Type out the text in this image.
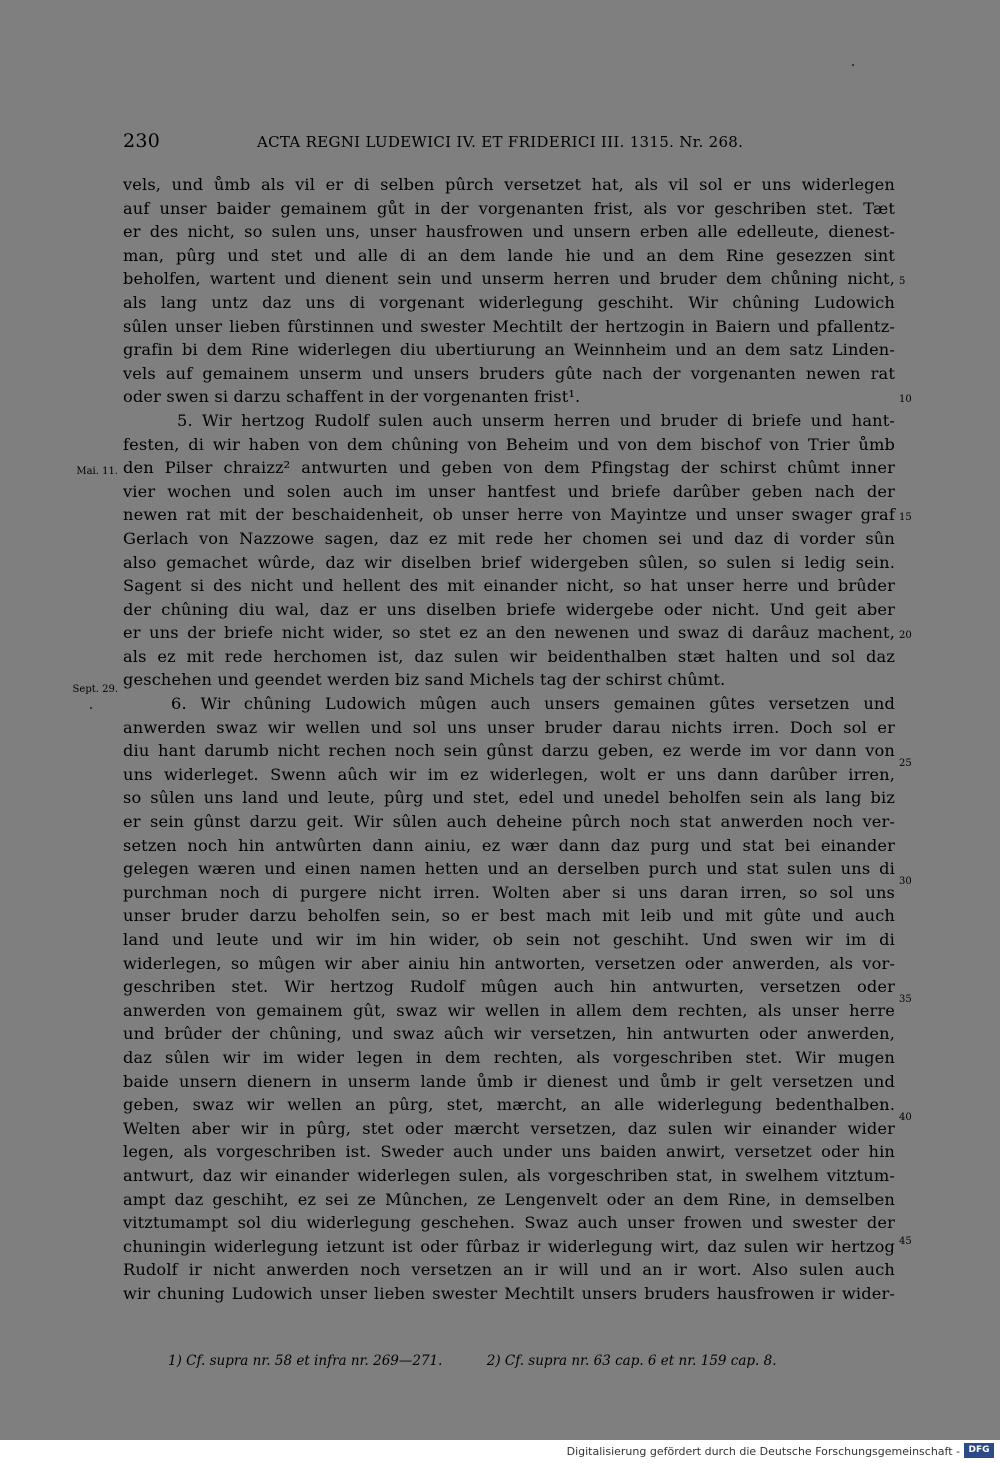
230	ACTA REGNI LUDEWICI IV. ET FRIDERICI III. 1315. Nr. 268.
vels, und ůmb als vil er di selben pûrch versetzet hat, als vil sol er uns widerlegen
auf unser baider gemainem gůt in der vorgenanten frist, als vor geschriben stet. Tæt
er des nicht, so sulen uns, unser hausfrowen und unsern erben alle edelleute, dienest-
man, pûrg und stet und alle di an dem lande hie und an dem Rine gesezzen sint
beholfen, wartent und dienent sein und unserm herren und bruder dem chůning nicht,
als lang untz daz uns di vorgenant widerlegung geschiht. Wir chûning Ludowich
sûlen unser lieben fûrstinnen und swester Mechtilt der hertzogin in Baiern und pfallentz-
grafin bi dem Rine widerlegen diu ubertiurung an Weinnheim und an dem satz Linden-
vels auf gemainem unserm und unsers bruders gûte nach der vorgenanten newen rat
oder swen si darzu schaffent in der vorgenanten frist¹.
5. Wir hertzog Rudolf sulen auch unserm herren und bruder di briefe und hant-
festen, di wir haben von dem chûning von Beheim und von dem bischof von Trier ůmb
den Pilser chraizz² antwurten und geben von dem Pfingstag der schirst chûmt inner
vier wochen und solen auch im unser hantfest und briefe darûber geben nach der
newen rat mit der beschaidenheit, ob unser herre von Mayintze und unser swager graf
Gerlach von Nazzowe sagen, daz ez mit rede her chomen sei und daz di vorder sûn
also gemachet wûrde, daz wir diselben brief widergeben sûlen, so sulen si ledig sein.
Sagent si des nicht und hellent des mit einander nicht, so hat unser herre und brûder
der chûning diu wal, daz er uns diselben briefe widergebe oder nicht. Und geit aber
er uns der briefe nicht wider, so stet ez an den newenen und swaz di darâuz machent,
als ez mit rede herchomen ist, daz sulen wir beidenthalben stæt halten und sol daz
geschehen und geendet werden biz sand Michels tag der schirst chûmt.
6. Wir chûning Ludowich mûgen auch unsers gemainen gûtes versetzen und
anwerden swaz wir wellen und sol uns unser bruder darau nichts irren. Doch sol er
diu hant darumb nicht rechen noch sein gûnst darzu geben, ez werde im vor dann von
uns widerleget. Swenn aûch wir im ez widerlegen, wolt er uns dann darûber irren,
so sûlen uns land und leute, pûrg und stet, edel und unedel beholfen sein als lang biz
er sein gûnst darzu geit. Wir sûlen auch deheine pûrch noch stat anwerden noch ver-
setzen noch hin antwûrten dann ainiu, ez wær dann daz purg und stat bei einander
gelegen wæren und einen namen hetten und an derselben purch und stat sulen uns di
purchman noch di purgere nicht irren. Wolten aber si uns daran irren, so sol uns
unser bruder darzu beholfen sein, so er best mach mit leib und mit gûte und auch
land und leute und wir im hin wider, ob sein not geschiht. Und swen wir im di
widerlegen, so mûgen wir aber ainiu hin antworten, versetzen oder anwerden, als vor-
geschriben stet. Wir hertzog Rudolf mûgen auch hin antwurten, versetzen oder
anwerden von gemainem gût, swaz wir wellen in allem dem rechten, als unser herre
und brûder der chûning, und swaz aûch wir versetzen, hin antwurten oder anwerden,
daz sûlen wir im wider legen in dem rechten, als vorgeschriben stet. Wir mugen
baide unsern dienern in unserm lande ůmb ir dienest und ůmb ir gelt versetzen und
geben, swaz wir wellen an pûrg, stet, mærcht, an alle widerlegung bedenthalben.
Welten aber wir in pûrg, stet oder mærcht versetzen, daz sulen wir einander wider
legen, als vorgeschriben ist. Sweder auch under uns baiden anwirt, versetzet oder hin
antwurt, daz wir einander widerlegen sulen, als vorgeschriben stat, in swelhem vitztum-
ampt daz geschiht, ez sei ze Mûnchen, ze Lengenvelt oder an dem Rine, in demselben
vitztumampt sol diu widerlegung geschehen. Swaz auch unser frowen und swester der
chuningin widerlegung ietzunt ist oder fûrbaz ir widerlegung wirt, daz sulen wir hertzog
Rudolf ir nicht anwerden noch versetzen an ir will und an ir wort. Also sulen auch
wir chuning Ludowich unser lieben swester Mechtilt unsers bruders hausfrowen ir wider-
5
10
15
20
25
30
35
40
45
Mai. 11.
Sept. 29.
1) Cf. supra nr. 58 et infra nr. 269—271.	2) Cf. supra nr. 63 cap. 6 et nr. 159 cap. 8.
Digitalisierung gefördert durch die Deutsche Forschungsgemeinschaft - DFG
